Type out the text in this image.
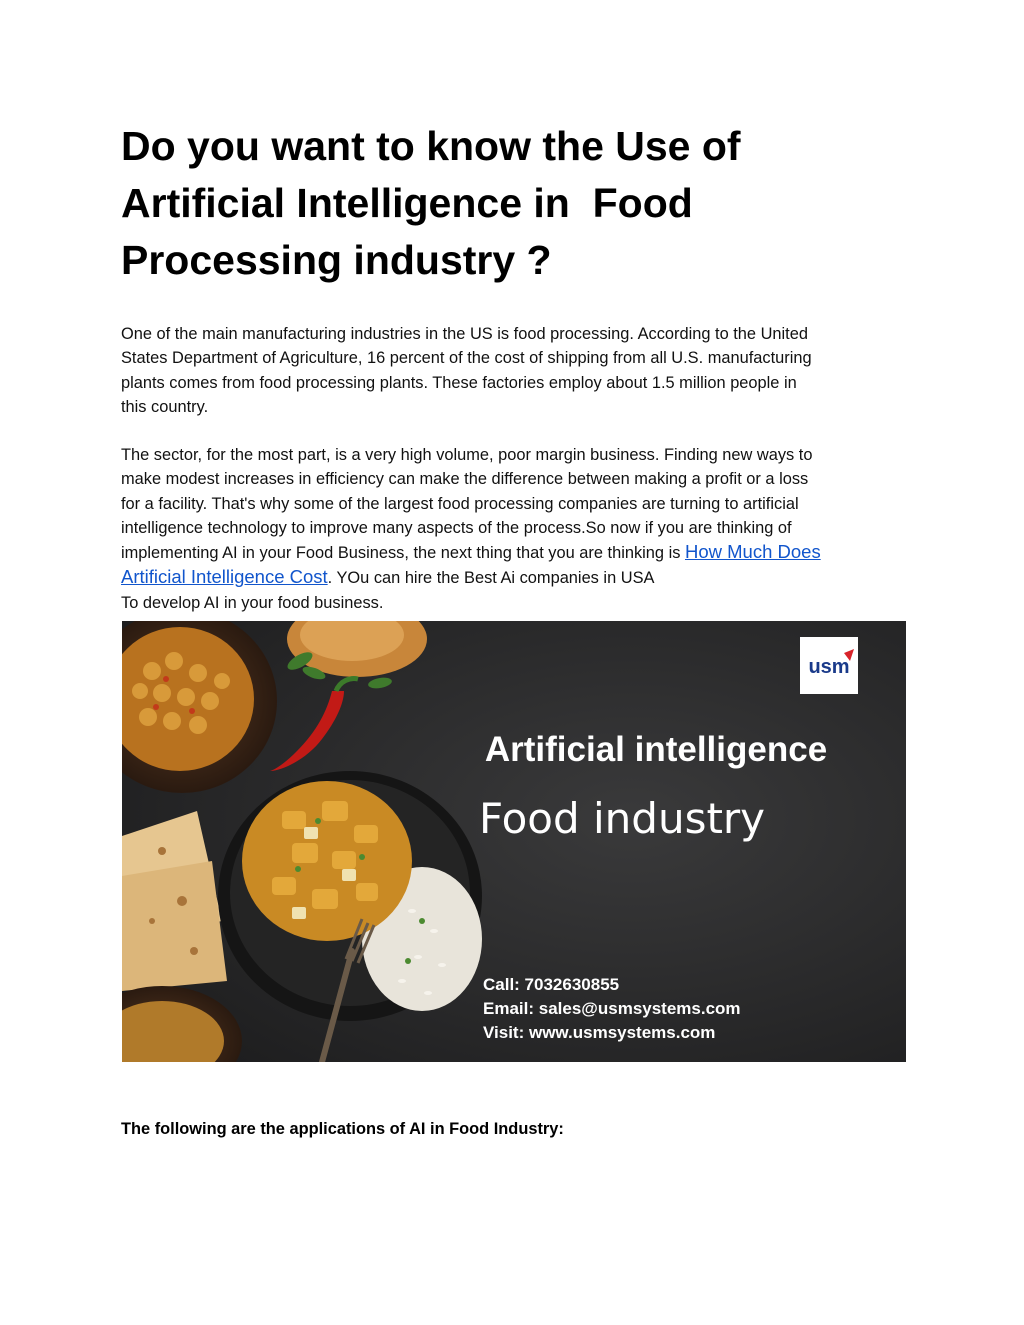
Do you want to know the Use of
Artificial Intelligence in  Food
Processing industry ?

One of the main manufacturing industries in the US is food processing. According to the United
States Department of Agriculture, 16 percent of the cost of shipping from all U.S. manufacturing
plants comes from food processing plants. These factories employ about 1.5 million people in
this country.

The sector, for the most part, is a very high volume, poor margin business. Finding new ways to
make modest increases in efficiency can make the difference between making a profit or a loss
for a facility. That's why some of the largest food processing companies are turning to artificial
intelligence technology to improve many aspects of the process.So now if you are thinking of
implementing AI in your Food Business, the next thing that you are thinking is How Much Does
Artificial Intelligence Cost. YOu can hire the Best Ai companies in USA
To develop AI in your food business.

usm
Artificial intelligence
Food industry
Call: 7032630855
Email: sales@usmsystems.com
Visit: www.usmsystems.com

The following are the applications of AI in Food Industry:
